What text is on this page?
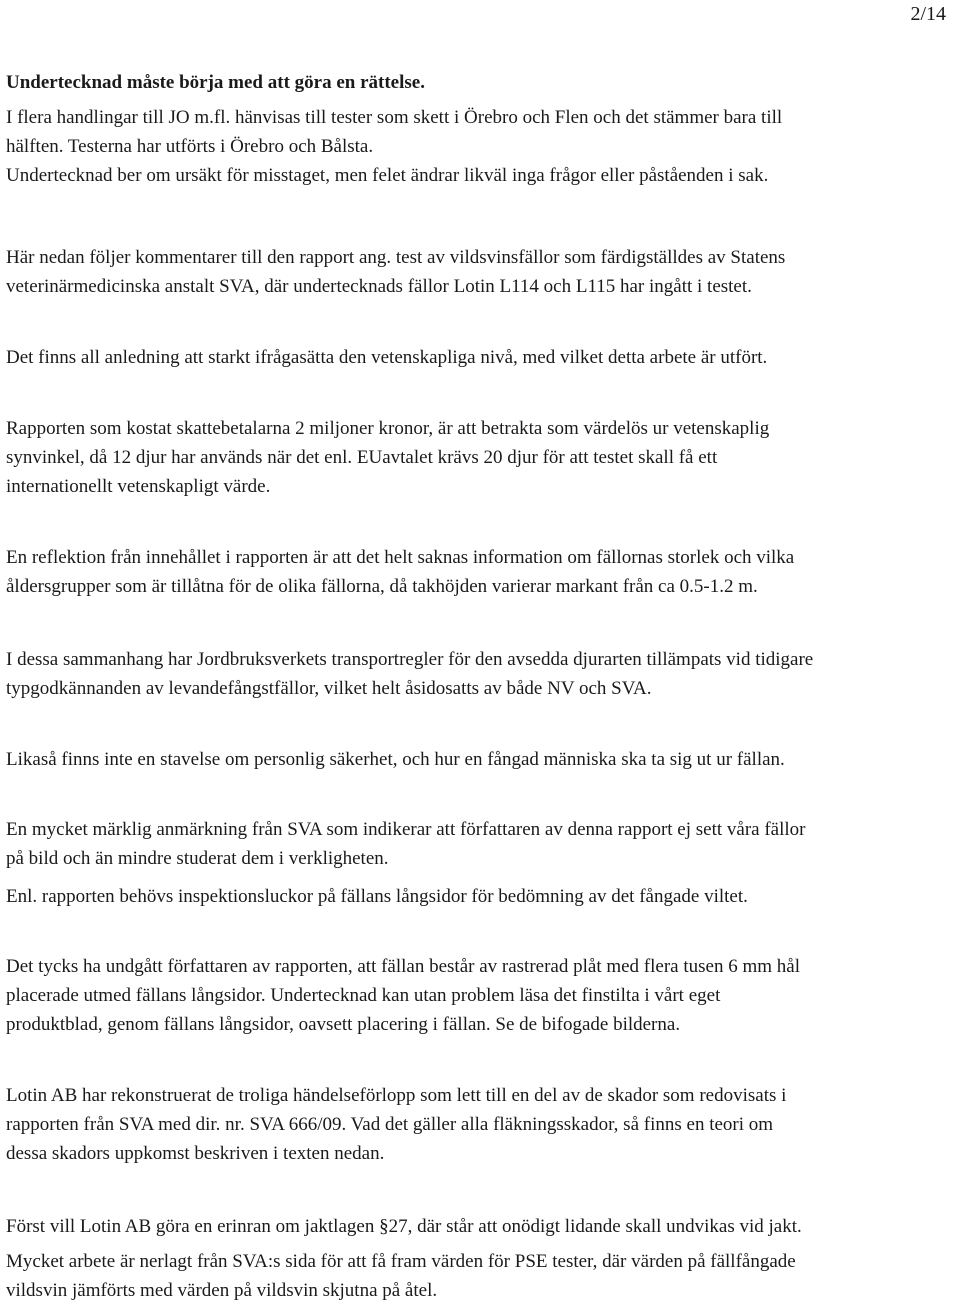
2/14
Undertecknad måste börja med att göra en rättelse.
I flera handlingar till JO m.fl. hänvisas till tester som skett i Örebro och Flen och det stämmer bara till
hälften. Testerna har utförts i Örebro och Bålsta.
Undertecknad ber om ursäkt för misstaget, men felet ändrar likväl inga frågor eller påståenden i sak.
Här nedan följer kommentarer till den rapport ang. test av vildsvinsfällor som färdigställdes av Statens
veterinärmedicinska anstalt SVA, där undertecknads fällor Lotin L114 och L115 har ingått i testet.
Det finns all anledning att starkt ifrågasätta den vetenskapliga nivå, med vilket detta arbete är utfört.
Rapporten som kostat skattebetalarna 2 miljoner kronor, är att betrakta som värdelös ur vetenskaplig
synvinkel, då 12 djur har används när det enl. EUavtalet krävs 20 djur för att testet skall få ett
internationellt vetenskapligt värde.
En reflektion från innehållet i rapporten är att det helt saknas information om fällornas storlek och vilka
åldersgrupper som är tillåtna för de olika fällorna, då takhöjden varierar markant från ca 0.5-1.2 m.
I dessa sammanhang har Jordbruksverkets transportregler för den avsedda djurarten tillämpats vid tidigare
typgodkännanden av levandefångstfällor, vilket helt åsidosatts av både NV och SVA.
Likaså finns inte en stavelse om personlig säkerhet, och hur en fångad människa ska ta sig ut ur fällan.
En mycket märklig anmärkning från SVA som indikerar att författaren av denna rapport ej sett våra fällor
på bild och än mindre studerat dem i verkligheten.
Enl. rapporten behövs inspektionsluckor på fällans långsidor för bedömning av det fångade viltet.
Det tycks ha undgått författaren av rapporten, att fällan består av rastrerad plåt med flera tusen 6 mm hål
placerade utmed fällans långsidor. Undertecknad kan utan problem läsa det finstilta i vårt eget
produktblad, genom fällans långsidor, oavsett placering i fällan. Se de bifogade bilderna.
Lotin AB har rekonstruerat de troliga händelseförlopp som lett till en del av de skador som redovisats i
rapporten från SVA med dir. nr. SVA 666/09. Vad det gäller alla fläkningsskador, så finns en teori om
dessa skadors uppkomst beskriven i texten nedan.
Först vill Lotin AB göra en erinran om jaktlagen §27, där står att onödigt lidande skall undvikas vid jakt.
Mycket arbete är nerlagt från SVA:s sida för att få fram värden för PSE tester, där värden på fällfångade
vildsvin jämförts med värden på vildsvin skjutna på åtel.
